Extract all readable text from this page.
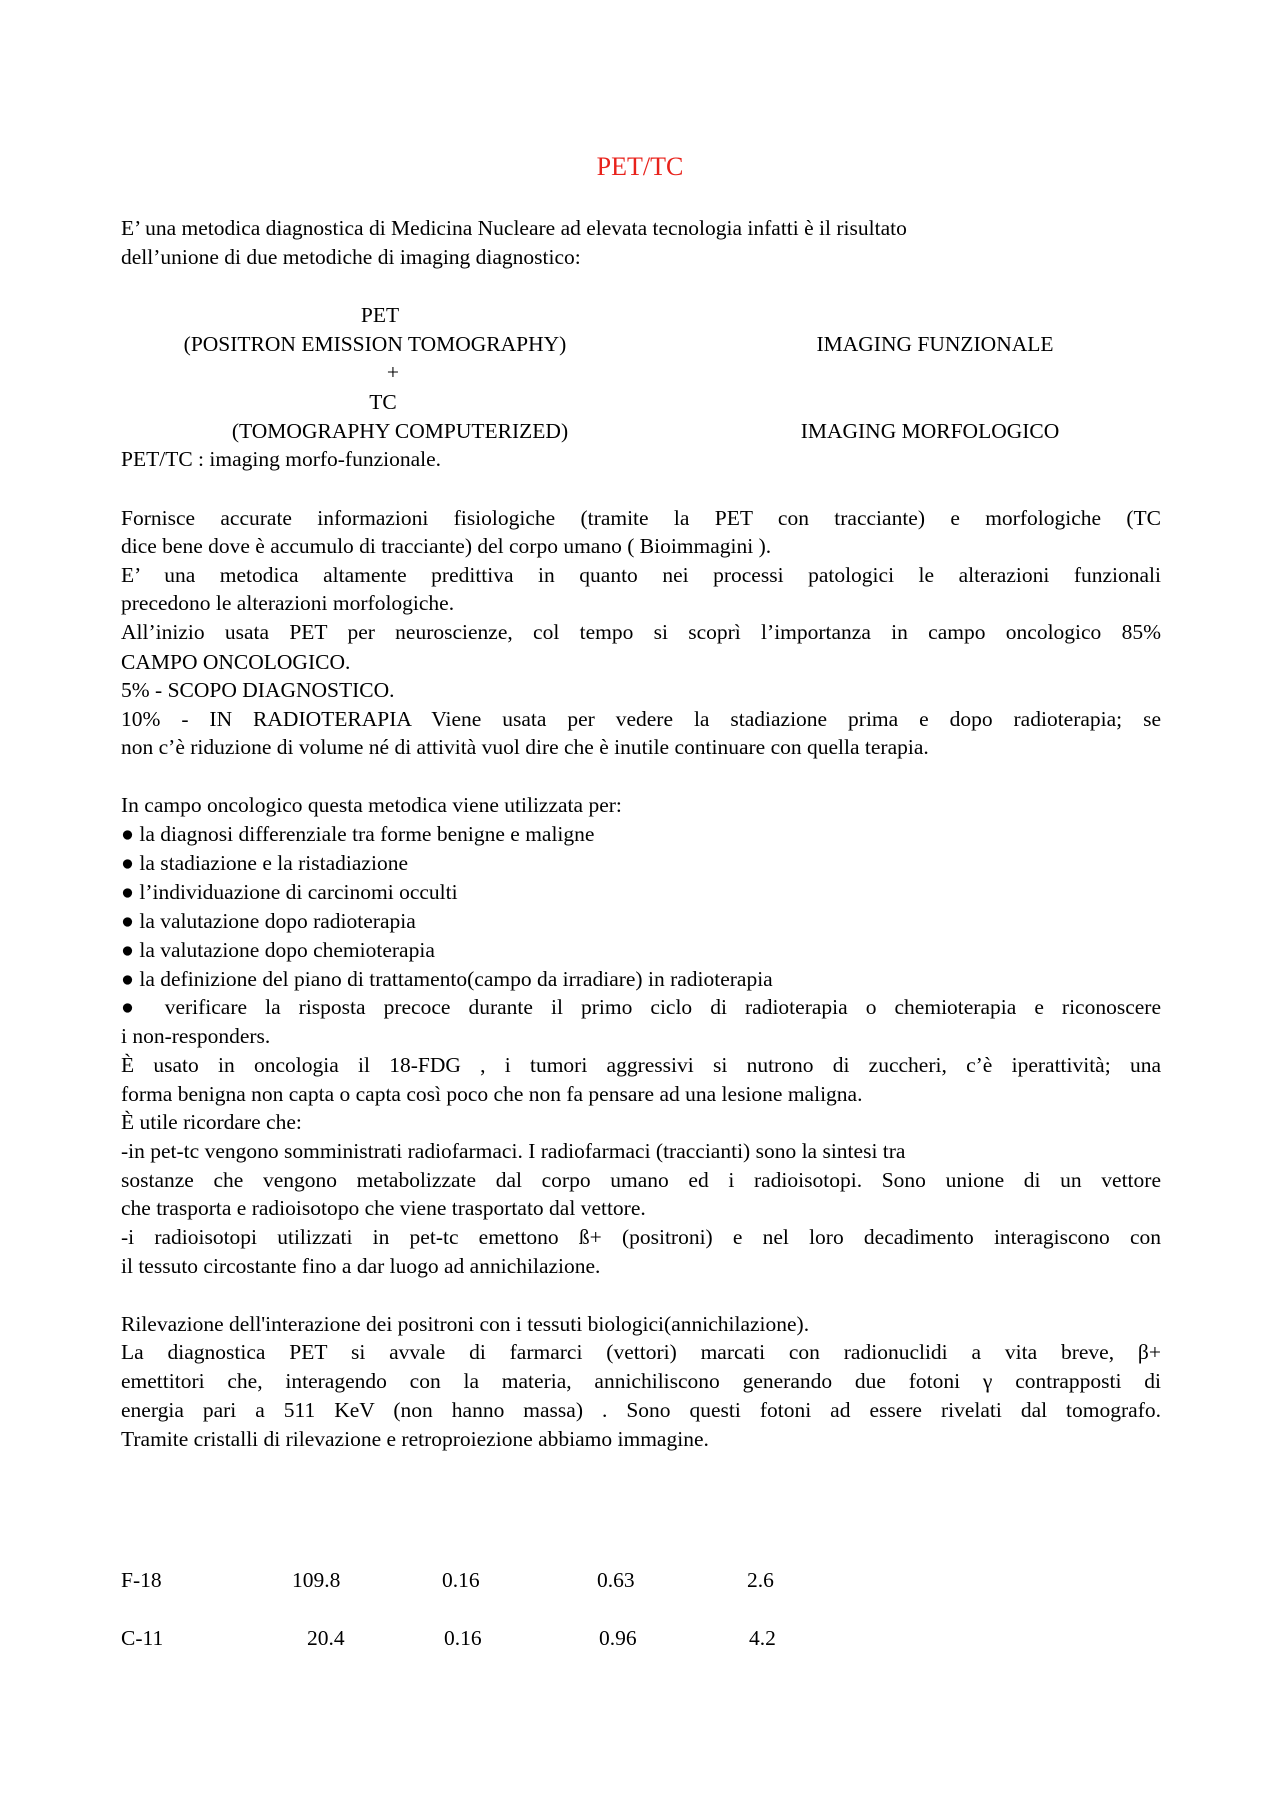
PET/TC
E’ una metodica diagnostica di Medicina Nucleare ad elevata tecnologia infatti è il risultato
dell’unione di due metodiche di imaging diagnostico:
PET
(POSITRON EMISSION TOMOGRAPHY)	IMAGING FUNZIONALE
+
TC
(TOMOGRAPHY COMPUTERIZED)	IMAGING MORFOLOGICO
PET/TC : imaging morfo-funzionale.
Fornisce accurate informazioni fisiologiche (tramite la PET con tracciante) e morfologiche (TC
dice bene dove è accumulo di tracciante) del corpo umano ( Bioimmagini ).
E’ una metodica altamente predittiva in quanto nei processi patologici le alterazioni funzionali
precedono le alterazioni morfologiche.
All’inizio usata PET per neuroscienze, col tempo si scoprì l’importanza in campo oncologico 85%
CAMPO ONCOLOGICO.
5% - SCOPO DIAGNOSTICO.
10% - IN RADIOTERAPIA Viene usata per vedere la stadiazione prima e dopo radioterapia; se
non c’è riduzione di volume né di attività vuol dire che è inutile continuare con quella terapia.
In campo oncologico questa metodica viene utilizzata per:
● la diagnosi differenziale tra forme benigne e maligne
● la stadiazione e la ristadiazione
● l’individuazione di carcinomi occulti
● la valutazione dopo radioterapia
● la valutazione dopo chemioterapia
● la definizione del piano di trattamento(campo da irradiare) in radioterapia
● verificare la risposta precoce durante il primo ciclo di radioterapia o chemioterapia e riconoscere
i non-responders.
È usato in oncologia il 18-FDG , i tumori aggressivi si nutrono di zuccheri, c’è iperattività; una
forma benigna non capta o capta così poco che non fa pensare ad una lesione maligna.
È utile ricordare che:
-in pet-tc vengono somministrati radiofarmaci. I radiofarmaci (traccianti) sono la sintesi tra
sostanze che vengono metabolizzate dal corpo umano ed i radioisotopi. Sono unione di un vettore
che trasporta e radioisotopo che viene trasportato dal vettore.
-i radioisotopi utilizzati in pet-tc emettono ß+ (positroni) e nel loro decadimento interagiscono con
il tessuto circostante fino a dar luogo ad annichilazione.
Rilevazione dell'interazione dei positroni con i tessuti biologici(annichilazione).
La diagnostica PET si avvale di farmarci (vettori) marcati con radionuclidi a vita breve, β+
emettitori che, interagendo con la materia, annichiliscono generando due fotoni γ contrapposti di
energia pari a 511 KeV (non hanno massa) . Sono questi fotoni ad essere rivelati dal tomografo.
Tramite cristalli di rilevazione e retroproiezione abbiamo immagine.
F-18	109.8	0.16	0.63	2.6
C-11	20.4	0.16	0.96	4.2
